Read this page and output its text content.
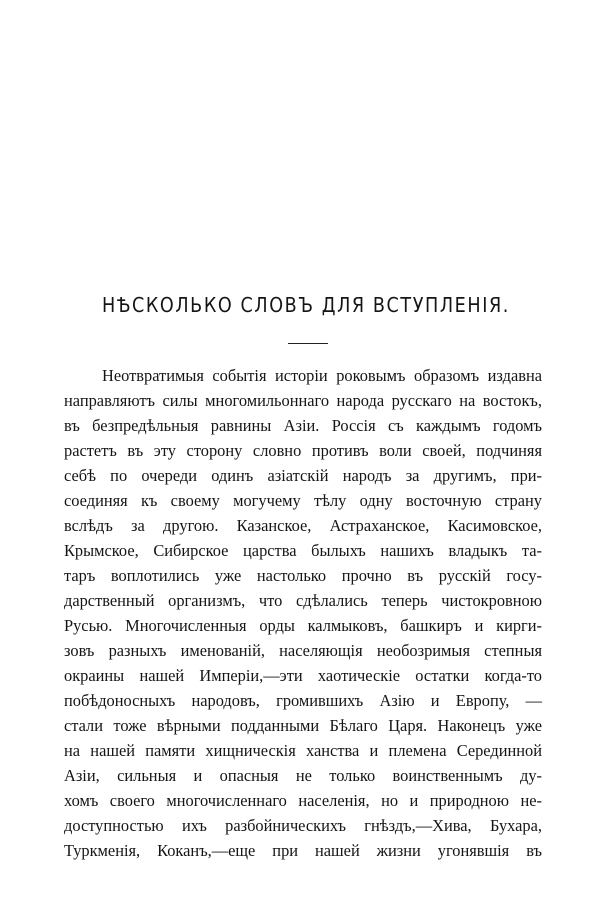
НѢСКОЛЬКО СЛОВЪ ДЛЯ ВСТУПЛЕНІЯ.
Неотвратимыя событія исторіи роковымъ образомъ издавна
направляютъ силы многомильоннаго народа русскаго на востокъ,
въ безпредѣльныя равнины Азіи. Россія съ каждымъ годомъ
растетъ въ эту сторону словно противъ воли своей, подчиняя
себѣ по очереди одинъ азіатскій народъ за другимъ, при-
соединяя къ своему могучему тѣлу одну восточную страну
вслѣдъ за другою. Казанское, Астраханское, Касимовское,
Крымское, Сибирское царства былыхъ нашихъ владыкъ та-
таръ воплотились уже настолько прочно въ русскій госу-
дарственный организмъ, что сдѣлались теперь чистокровною
Русью. Многочисленныя орды калмыковъ, башкиръ и кирги-
зовъ разныхъ именованій, населяющія необозримыя степныя
окраины нашей Имперіи,—эти хаотическіе остатки когда-то
побѣдоносныхъ народовъ, громившихъ Азію и Европу, —
стали тоже вѣрными подданными Бѣлаго Царя. Наконецъ уже
на нашей памяти хищническія ханства и племена Серединной
Азіи, сильныя и опасныя не только воинственнымъ ду-
хомъ своего многочисленнаго населенія, но и природною не-
доступностью ихъ разбойническихъ гнѣздъ,—Хива, Бухара,
Туркменія, Коканъ,—еще при нашей жизни угонявшія въ
